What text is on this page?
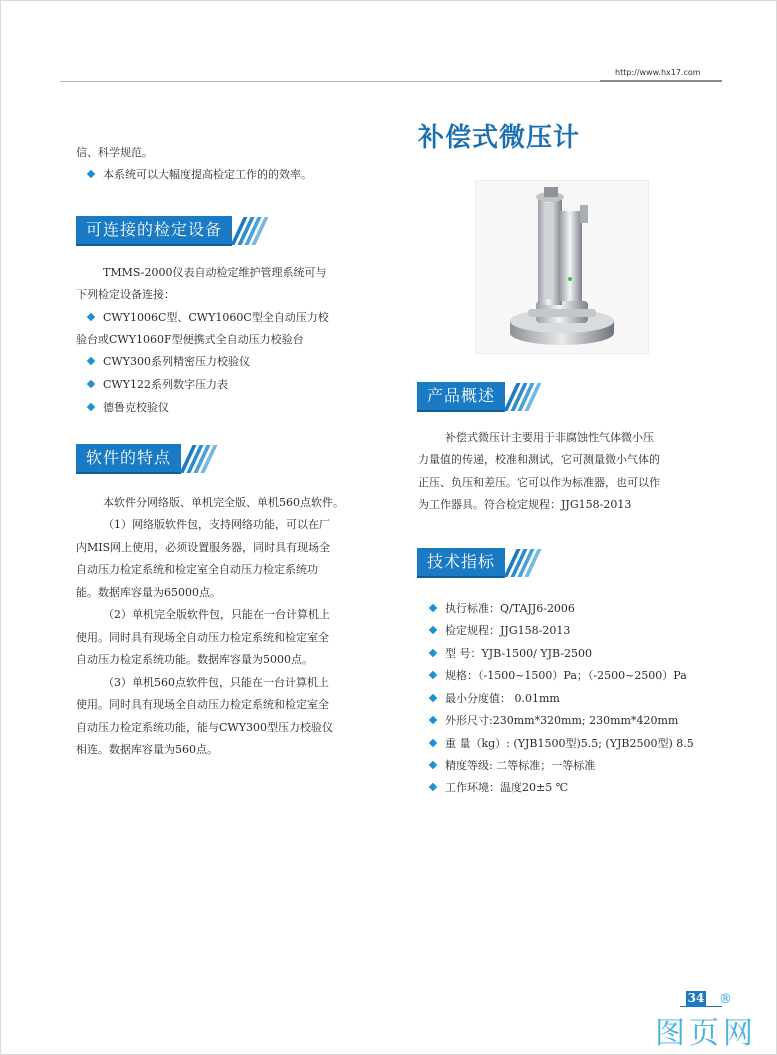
http://www.hx17.com
信、科学规范。
本系统可以大幅度提高检定工作的的效率。
可连接的检定设备
TMMS-2000仪表自动检定维护管理系统可与
下列检定设备连接：
CWY1006C型、CWY1060C型全自动压力校
验台或CWY1060F型便携式全自动压力校验台
CWY300系列精密压力校验仪
CWY122系列数字压力表
德鲁克校验仪
软件的特点
本软件分网络版、单机完全版、单机560点软件。
（1）网络版软件包，支持网络功能，可以在厂
内MIS网上使用，必须设置服务器，同时具有现场全
自动压力检定系统和检定室全自动压力检定系统功
能。数据库容量为65000点。
（2）单机完全版软件包，只能在一台计算机上
使用。同时具有现场全自动压力检定系统和检定室全
自动压力检定系统功能。数据库容量为5000点。
（3）单机560点软件包，只能在一台计算机上
使用。同时具有现场全自动压力检定系统和检定室全
自动压力检定系统功能，能与CWY300型压力校验仪
相连。数据库容量为560点。
补偿式微压计
产品概述
补偿式微压计主要用于非腐蚀性气体微小压
力量值的传递，校准和测试，它可测量微小气体的
正压、负压和差压。它可以作为标准器，也可以作
为工作器具。符合检定规程：JJG158-2013
技术指标
执行标准：Q/TAJJ6-2006
检定规程：JJG158-2013
型 号：YJB-1500/ YJB-2500
规格：（-1500~1500）Pa；（-2500~2500）Pa
最小分度值： 0.01mm
外形尺寸:230mm*320mm; 230mm*420mm
重 量（kg）: (YJB1500型)5.5; (YJB2500型) 8.5
精度等级: 二等标准；一等标准
工作环境：温度20±5 ℃
34 ®
图页网
